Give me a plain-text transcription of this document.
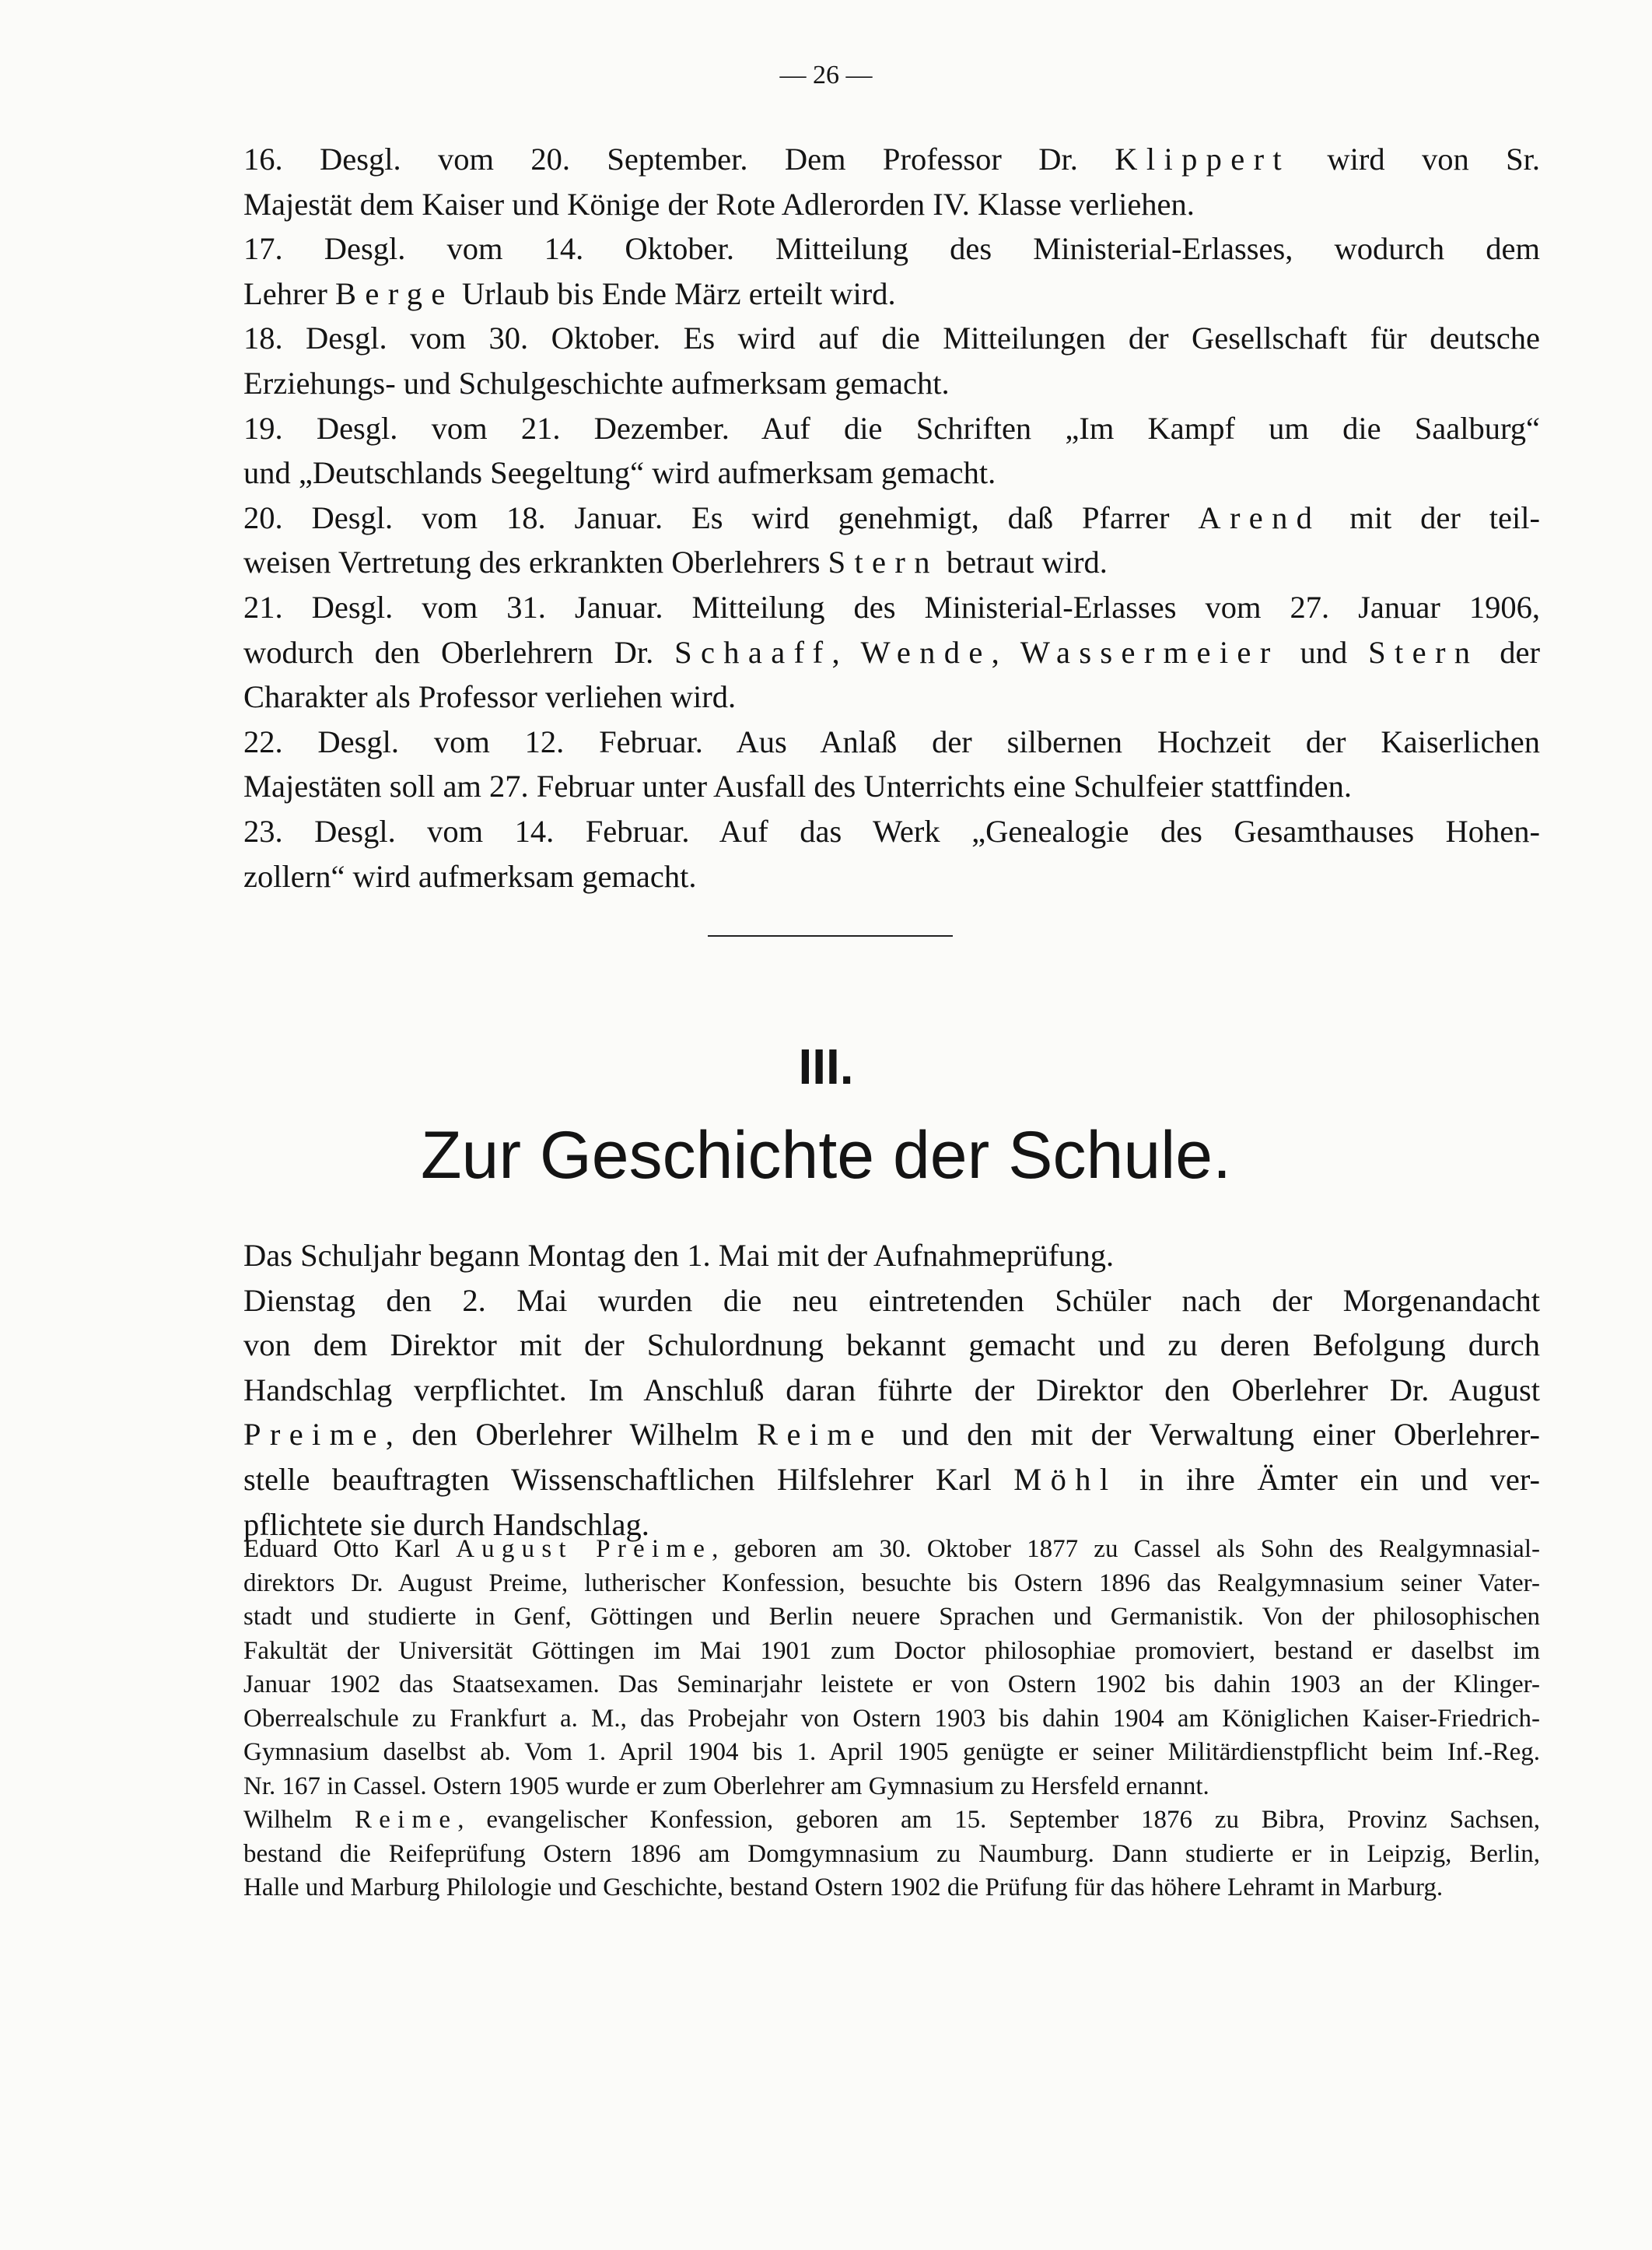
— 26 —

16. Desgl. vom 20. September. Dem Professor Dr. Klippert wird von Sr.
Majestät dem Kaiser und Könige der Rote Adlerorden IV. Klasse verliehen.

17. Desgl. vom 14. Oktober. Mitteilung des Ministerial-Erlasses, wodurch dem
Lehrer Berge Urlaub bis Ende März erteilt wird.

18. Desgl. vom 30. Oktober. Es wird auf die Mitteilungen der Gesellschaft für deutsche
Erziehungs- und Schulgeschichte aufmerksam gemacht.

19. Desgl. vom 21. Dezember. Auf die Schriften „Im Kampf um die Saalburg“
und „Deutschlands Seegeltung“ wird aufmerksam gemacht.

20. Desgl. vom 18. Januar. Es wird genehmigt, daß Pfarrer Arend mit der teil-
weisen Vertretung des erkrankten Oberlehrers Stern betraut wird.

21. Desgl. vom 31. Januar. Mitteilung des Ministerial-Erlasses vom 27. Januar 1906,
wodurch den Oberlehrern Dr. Schaaff, Wende, Wassermeier und Stern der
Charakter als Professor verliehen wird.

22. Desgl. vom 12. Februar. Aus Anlaß der silbernen Hochzeit der Kaiserlichen
Majestäten soll am 27. Februar unter Ausfall des Unterrichts eine Schulfeier stattfinden.

23. Desgl. vom 14. Februar. Auf das Werk „Genealogie des Gesamthauses Hohen-
zollern“ wird aufmerksam gemacht.

III.
Zur Geschichte der Schule.

Das Schuljahr begann Montag den 1. Mai mit der Aufnahmeprüfung.

Dienstag den 2. Mai wurden die neu eintretenden Schüler nach der Morgenandacht
von dem Direktor mit der Schulordnung bekannt gemacht und zu deren Befolgung durch
Handschlag verpflichtet. Im Anschluß daran führte der Direktor den Oberlehrer Dr. August
Preime, den Oberlehrer Wilhelm Reime und den mit der Verwaltung einer Oberlehrer-
stelle beauftragten Wissenschaftlichen Hilfslehrer Karl Möhl in ihre Ämter ein und ver-
pflichtete sie durch Handschlag.

Eduard Otto Karl August Preime, geboren am 30. Oktober 1877 zu Cassel als Sohn des Realgymnasial-
direktors Dr. August Preime, lutherischer Konfession, besuchte bis Ostern 1896 das Realgymnasium seiner Vater-
stadt und studierte in Genf, Göttingen und Berlin neuere Sprachen und Germanistik. Von der philosophischen
Fakultät der Universität Göttingen im Mai 1901 zum Doctor philosophiae promoviert, bestand er daselbst im
Januar 1902 das Staatsexamen. Das Seminarjahr leistete er von Ostern 1902 bis dahin 1903 an der Klinger-
Oberrealschule zu Frankfurt a. M., das Probejahr von Ostern 1903 bis dahin 1904 am Königlichen Kaiser-Friedrich-
Gymnasium daselbst ab. Vom 1. April 1904 bis 1. April 1905 genügte er seiner Militärdienstpflicht beim Inf.-Reg.
Nr. 167 in Cassel. Ostern 1905 wurde er zum Oberlehrer am Gymnasium zu Hersfeld ernannt.

Wilhelm Reime, evangelischer Konfession, geboren am 15. September 1876 zu Bibra, Provinz Sachsen,
bestand die Reifeprüfung Ostern 1896 am Domgymnasium zu Naumburg. Dann studierte er in Leipzig, Berlin,
Halle und Marburg Philologie und Geschichte, bestand Ostern 1902 die Prüfung für das höhere Lehramt in Marburg.
